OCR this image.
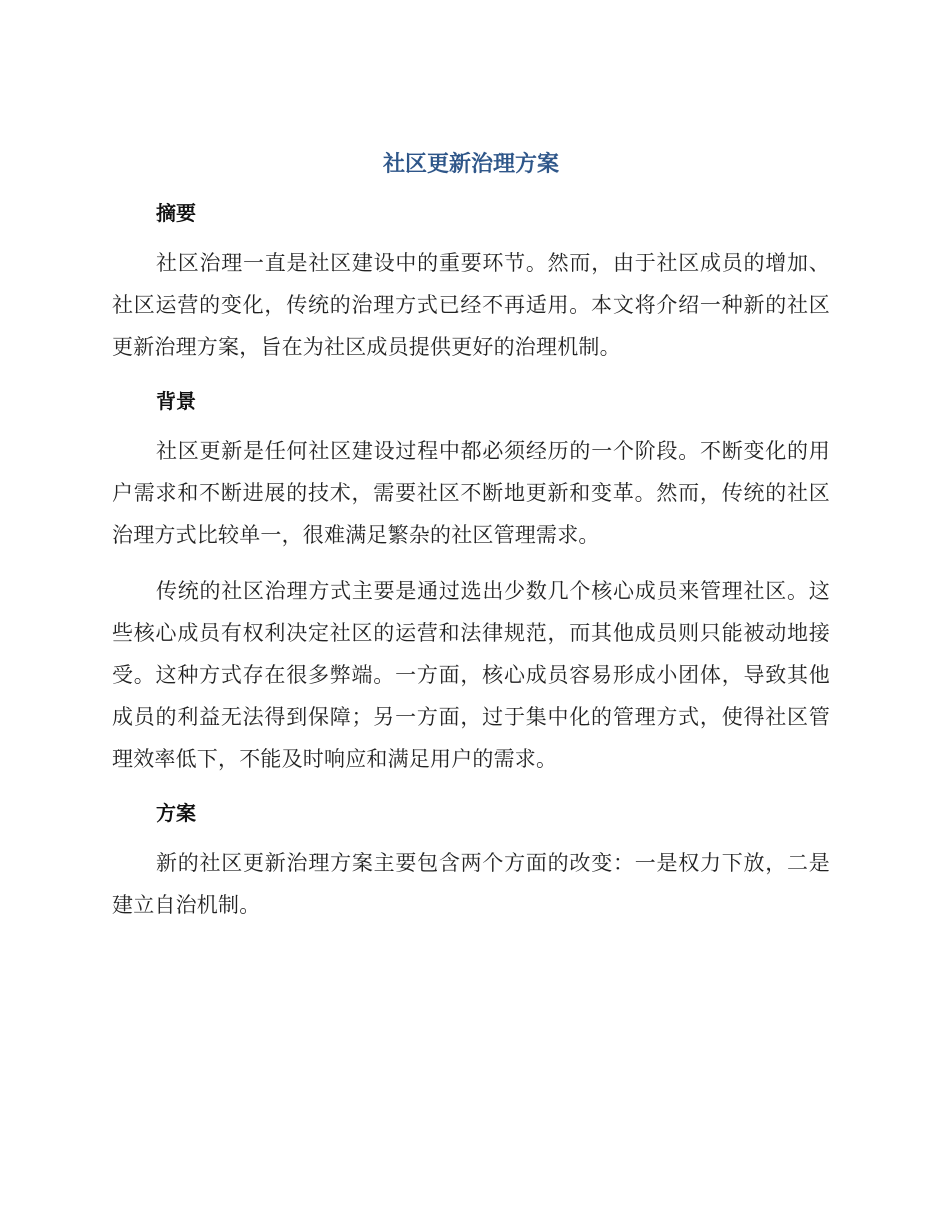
社区更新治理方案
摘要

社区治理一直是社区建设中的重要环节。然而，由于社区成员的增加、社区运营的变化，传统的治理方式已经不再适用。本文将介绍一种新的社区更新治理方案，旨在为社区成员提供更好的治理机制。

背景

社区更新是任何社区建设过程中都必须经历的一个阶段。不断变化的用户需求和不断进展的技术，需要社区不断地更新和变革。然而，传统的社区治理方式比较单一，很难满足繁杂的社区管理需求。

传统的社区治理方式主要是通过选出少数几个核心成员来管理社区。这些核心成员有权利决定社区的运营和法律规范，而其他成员则只能被动地接受。这种方式存在很多弊端。一方面，核心成员容易形成小团体，导致其他成员的利益无法得到保障；另一方面，过于集中化的管理方式，使得社区管理效率低下，不能及时响应和满足用户的需求。

方案

新的社区更新治理方案主要包含两个方面的改变：一是权力下放，二是建立自治机制。
